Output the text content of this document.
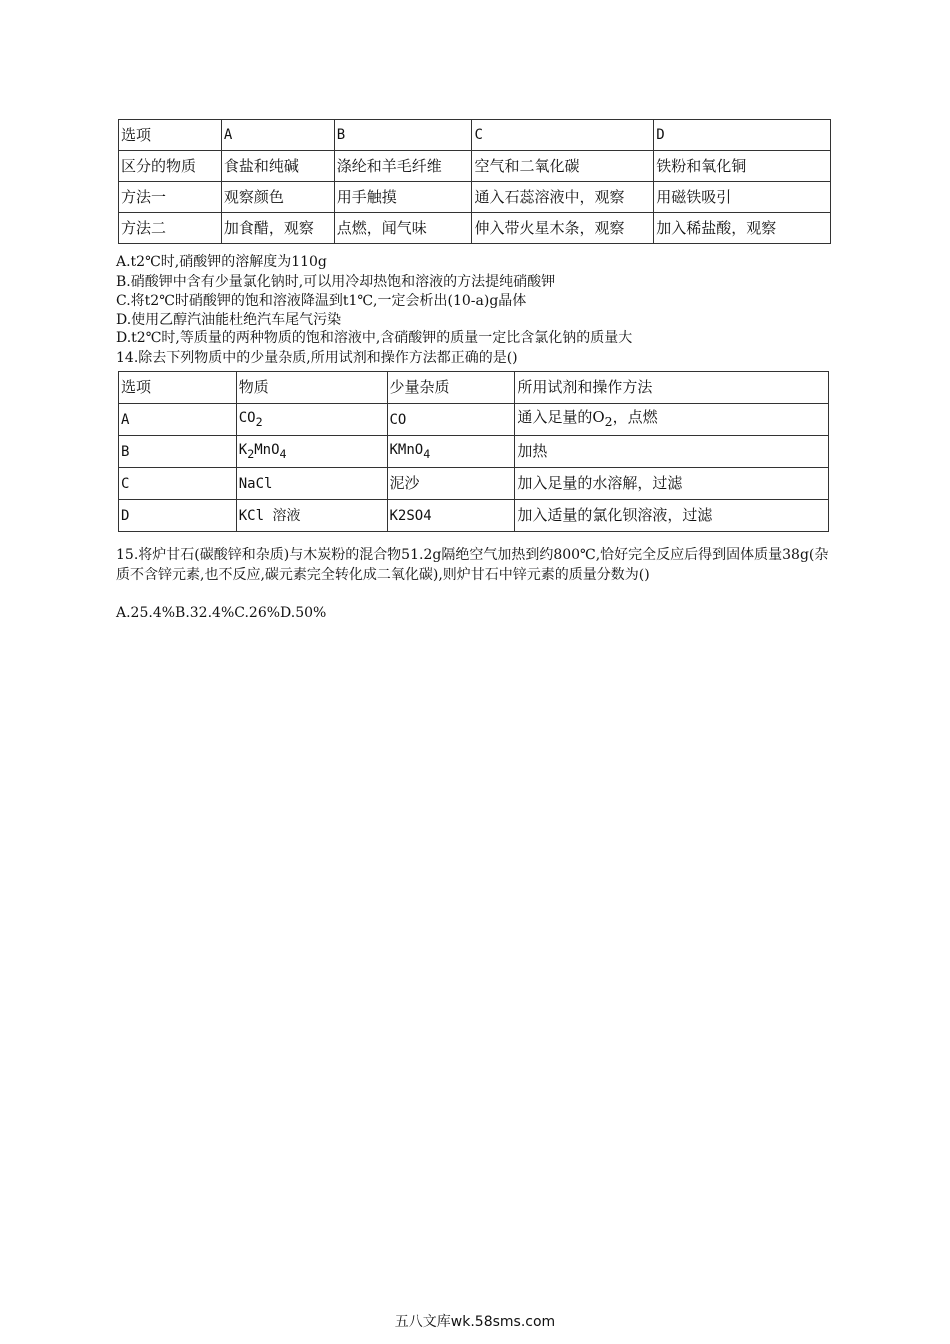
选项	A	B	C	D
区分的物质	食盐和纯碱	涤纶和羊毛纤维	空气和二氧化碳	铁粉和氧化铜
方法一	观察颜色	用手触摸	通入石蕊溶液中，观察	用磁铁吸引
方法二	加食醋，观察	点燃，闻气味	伸入带火星木条，观察	加入稀盐酸，观察
A.t2℃时,硝酸钾的溶解度为110g
B.硝酸钾中含有少量氯化钠时,可以用冷却热饱和溶液的方法提纯硝酸钾
C.将t2℃时硝酸钾的饱和溶液降温到t1℃,一定会析出(10-a)g晶体
D.使用乙醇汽油能杜绝汽车尾气污染
D.t2℃时,等质量的两种物质的饱和溶液中,含硝酸钾的质量一定比含氯化钠的质量大
14.除去下列物质中的少量杂质,所用试剂和操作方法都正确的是()
选项	物质	少量杂质	所用试剂和操作方法
A	$CO_2$	CO	通入足量的$O_2$，点燃
B	$K_2MnO_4$	KMnO$_4$	加热
C	NaCl	泥沙	加入足量的水溶解，过滤
D	KCl 溶液	K2SO4	加入适量的氯化钡溶液，过滤
15.将炉甘石(碳酸锌和杂质)与木炭粉的混合物51.2g隔绝空气加热到约800℃,恰好完全反应后得到固体质量38g(杂质不含锌元素,也不反应,碳元素完全转化成二氧化碳),则炉甘石中锌元素的质量分数为()
A.25.4%B.32.4%C.26%D.50%
五八文库wk.58sms.com
